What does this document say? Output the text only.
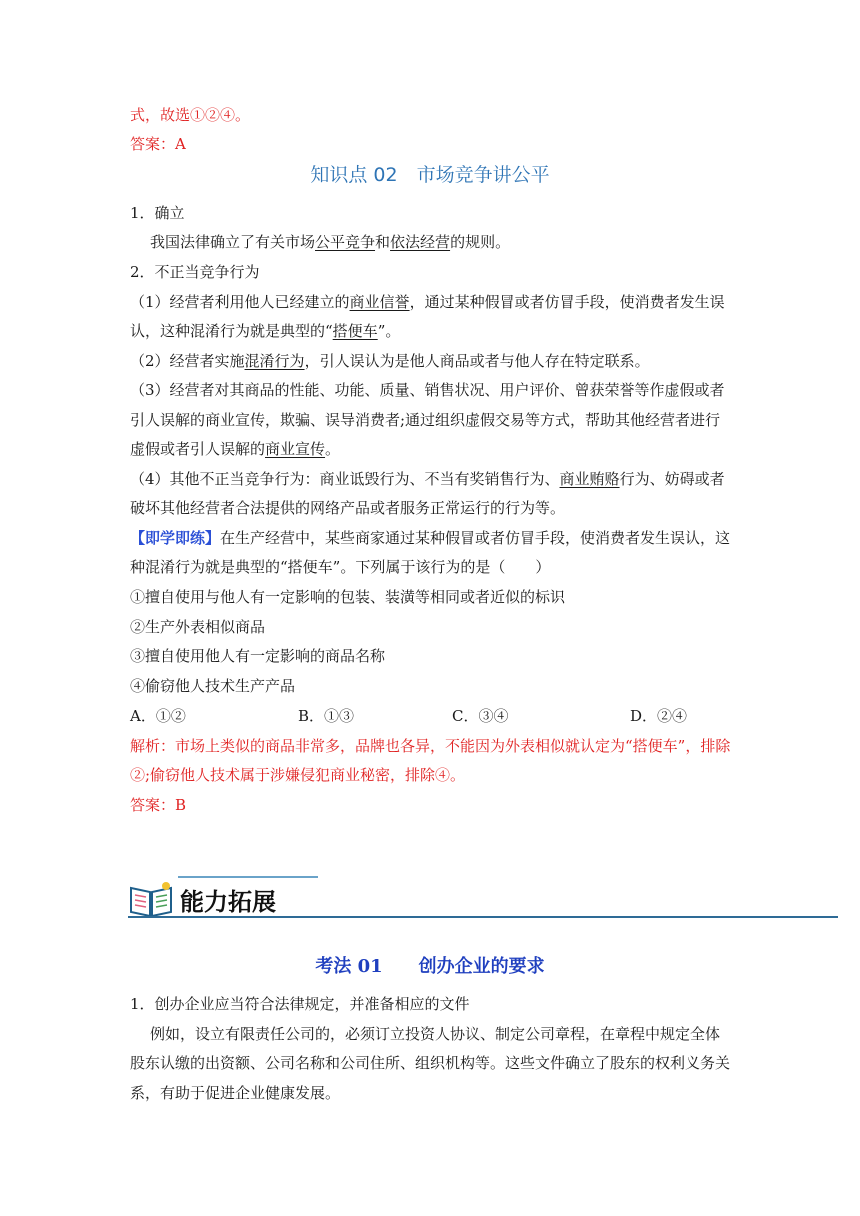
式，故选①②④。
答案：A
知识点 02　市场竞争讲公平
1．确立
我国法律确立了有关市场公平竞争和依法经营的规则。
2．不正当竞争行为
（1）经营者利用他人已经建立的商业信誉，通过某种假冒或者仿冒手段，使消费者发生误
认，这种混淆行为就是典型的“搭便车”。
（2）经营者实施混淆行为，引人误认为是他人商品或者与他人存在特定联系。
（3）经营者对其商品的性能、功能、质量、销售状况、用户评价、曾获荣誉等作虚假或者
引人误解的商业宣传，欺骗、误导消费者;通过组织虚假交易等方式，帮助其他经营者进行
虚假或者引人误解的商业宣传。
（4）其他不正当竞争行为：商业诋毁行为、不当有奖销售行为、商业贿赂行为、妨碍或者
破坏其他经营者合法提供的网络产品或者服务正常运行的行为等。
【即学即练】在生产经营中，某些商家通过某种假冒或者仿冒手段，使消费者发生误认，这
种混淆行为就是典型的“搭便车”。下列属于该行为的是（　　）
①擅自使用与他人有一定影响的包装、装潢等相同或者近似的标识
②生产外表相似商品
③擅自使用他人有一定影响的商品名称
④偷窃他人技术生产产品
A．①②	B．①③	C．③④	D．②④
解析：市场上类似的商品非常多，品牌也各异，不能因为外表相似就认定为“搭便车”，排除
②;偷窃他人技术属于涉嫌侵犯商业秘密，排除④。
答案：B
能力拓展
考法 01　　创办企业的要求
1．创办企业应当符合法律规定，并准备相应的文件
例如，设立有限责任公司的，必须订立投资人协议、制定公司章程，在章程中规定全体
股东认缴的出资额、公司名称和公司住所、组织机构等。这些文件确立了股东的权利义务关
系，有助于促进企业健康发展。
